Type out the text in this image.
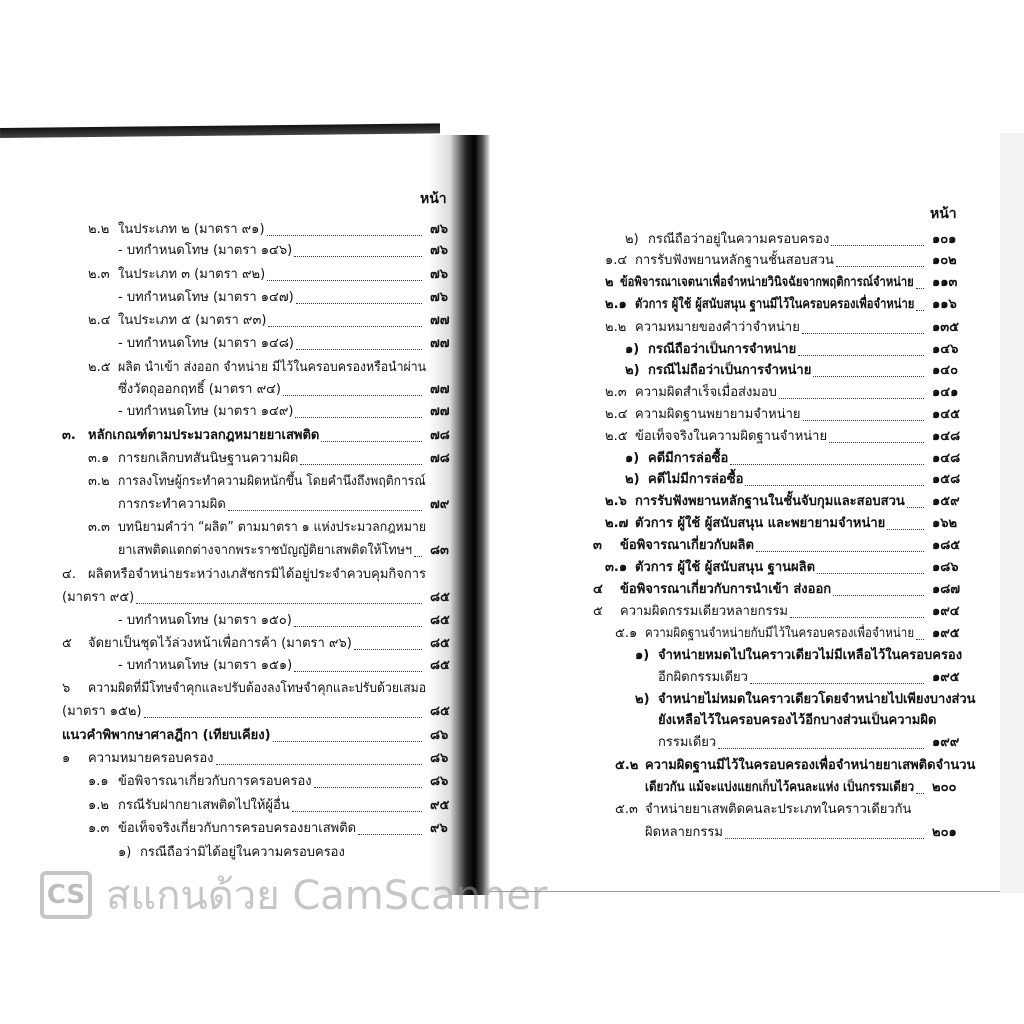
หน้า
หน้า
๒.๒ ในประเภท ๒ (มาตรา ๙๑)	๗๖
- บทกำหนดโทษ (มาตรา ๑๔๖)	๗๖
๒.๓ ในประเภท ๓ (มาตรา ๙๒)	๗๖
- บทกำหนดโทษ (มาตรา ๑๔๗)	๗๖
๒.๔ ในประเภท ๕ (มาตรา ๙๓)	๗๗
- บทกำหนดโทษ (มาตรา ๑๔๘)	๗๗
๒.๕ ผลิต นำเข้า ส่งออก จำหน่าย มีไว้ในครอบครองหรือนำผ่าน
ซึ่งวัตถุออกฤทธิ์ (มาตรา ๙๔)	๗๗
- บทกำหนดโทษ (มาตรา ๑๔๙)	๗๗
๓. หลักเกณฑ์ตามประมวลกฎหมายยาเสพติด	๗๘
๓.๑ การยกเลิกบทสันนิษฐานความผิด	๗๘
๓.๒ การลงโทษผู้กระทำความผิดหนักขึ้น โดยคำนึงถึงพฤติการณ์
การกระทำความผิด	๗๙
๓.๓ บทนิยามคำว่า “ผลิต” ตามมาตรา ๑ แห่งประมวลกฎหมาย
ยาเสพติดแตกต่างจากพระราชบัญญัติยาเสพติดให้โทษฯ ๘๓
๔. ผลิตหรือจำหน่ายระหว่างเภสัชกรมิได้อยู่ประจำควบคุมกิจการ
(มาตรา ๙๕)	๘๕
- บทกำหนดโทษ (มาตรา ๑๕๐)	๘๕
๕ จัดยาเป็นชุดไว้ล่วงหน้าเพื่อการค้า (มาตรา ๙๖)	๘๕
- บทกำหนดโทษ (มาตรา ๑๕๑)	๘๕
๖ ความผิดที่มีโทษจำคุกและปรับต้องลงโทษจำคุกและปรับด้วยเสมอ
(มาตรา ๑๕๒)	๘๕
แนวคำพิพากษาศาลฎีกา (เทียบเคียง)	๘๖
๑ ความหมายครอบครอง	๘๖
๑.๑ ข้อพิจารณาเกี่ยวกับการครอบครอง	๘๖
๑.๒ กรณีรับฝากยาเสพติดไปให้ผู้อื่น	๙๕
๑.๓ ข้อเท็จจริงเกี่ยวกับการครอบครองยาเสพติด	๙๖
๑) กรณีถือว่ามิได้อยู่ในความครอบครอง
๒) กรณีถือว่าอยู่ในความครอบครอง	๑๐๑
๑.๔ การรับฟังพยานหลักฐานชั้นสอบสวน	๑๐๒
๒ ข้อพิจารณาเจตนาเพื่อจำหน่ายวินิจฉัยจากพฤติการณ์จำหน่าย ๑๑๓
๒.๑ ตัวการ ผู้ใช้ ผู้สนับสนุน ฐานมีไว้ในครอบครองเพื่อจำหน่าย ๑๑๖
๒.๒ ความหมายของคำว่าจำหน่าย	๑๓๕
๑) กรณีถือว่าเป็นการจำหน่าย	๑๔๖
๒) กรณีไม่ถือว่าเป็นการจำหน่าย	๑๔๐
๒.๓ ความผิดสำเร็จเมื่อส่งมอบ	๑๔๑
๒.๔ ความผิดฐานพยายามจำหน่าย	๑๔๕
๒.๕ ข้อเท็จจริงในความผิดฐานจำหน่าย	๑๔๘
๑) คดีมีการล่อซื้อ	๑๔๘
๒) คดีไม่มีการล่อซื้อ	๑๕๘
๒.๖ การรับฟังพยานหลักฐานในชั้นจับกุมและสอบสวน ๑๕๙
๒.๗ ตัวการ ผู้ใช้ ผู้สนับสนุน และพยายามจำหน่าย	๑๖๒
๓ ข้อพิจารณาเกี่ยวกับผลิต	๑๘๕
๓.๑ ตัวการ ผู้ใช้ ผู้สนับสนุน ฐานผลิต	๑๘๖
๔ ข้อพิจารณาเกี่ยวกับการนำเข้า ส่งออก	๑๘๗
๕ ความผิดกรรมเดียวหลายกรรม	๑๙๔
๕.๑ ความผิดฐานจำหน่ายกับมีไว้ในครอบครองเพื่อจำหน่าย ๑๙๕
๑) จำหน่ายหมดไปในคราวเดียวไม่มีเหลือไว้ในครอบครอง
อีกผิดกรรมเดียว	๑๙๕
๒) จำหน่ายไม่หมดในคราวเดียวโดยจำหน่ายไปเพียงบางส่วน
ยังเหลือไว้ในครอบครองไว้อีกบางส่วนเป็นความผิด
กรรมเดียว	๑๙๙
๕.๒ ความผิดฐานมีไว้ในครอบครองเพื่อจำหน่ายยาเสพติดจำนวน
เดียวกัน แม้จะแบ่งแยกเก็บไว้คนละแห่ง เป็นกรรมเดียว ๒๐๐
๕.๓ จำหน่ายยาเสพติดคนละประเภทในคราวเดียวกัน
ผิดหลายกรรม	๒๐๑
CS สแกนด้วย CamScanner
